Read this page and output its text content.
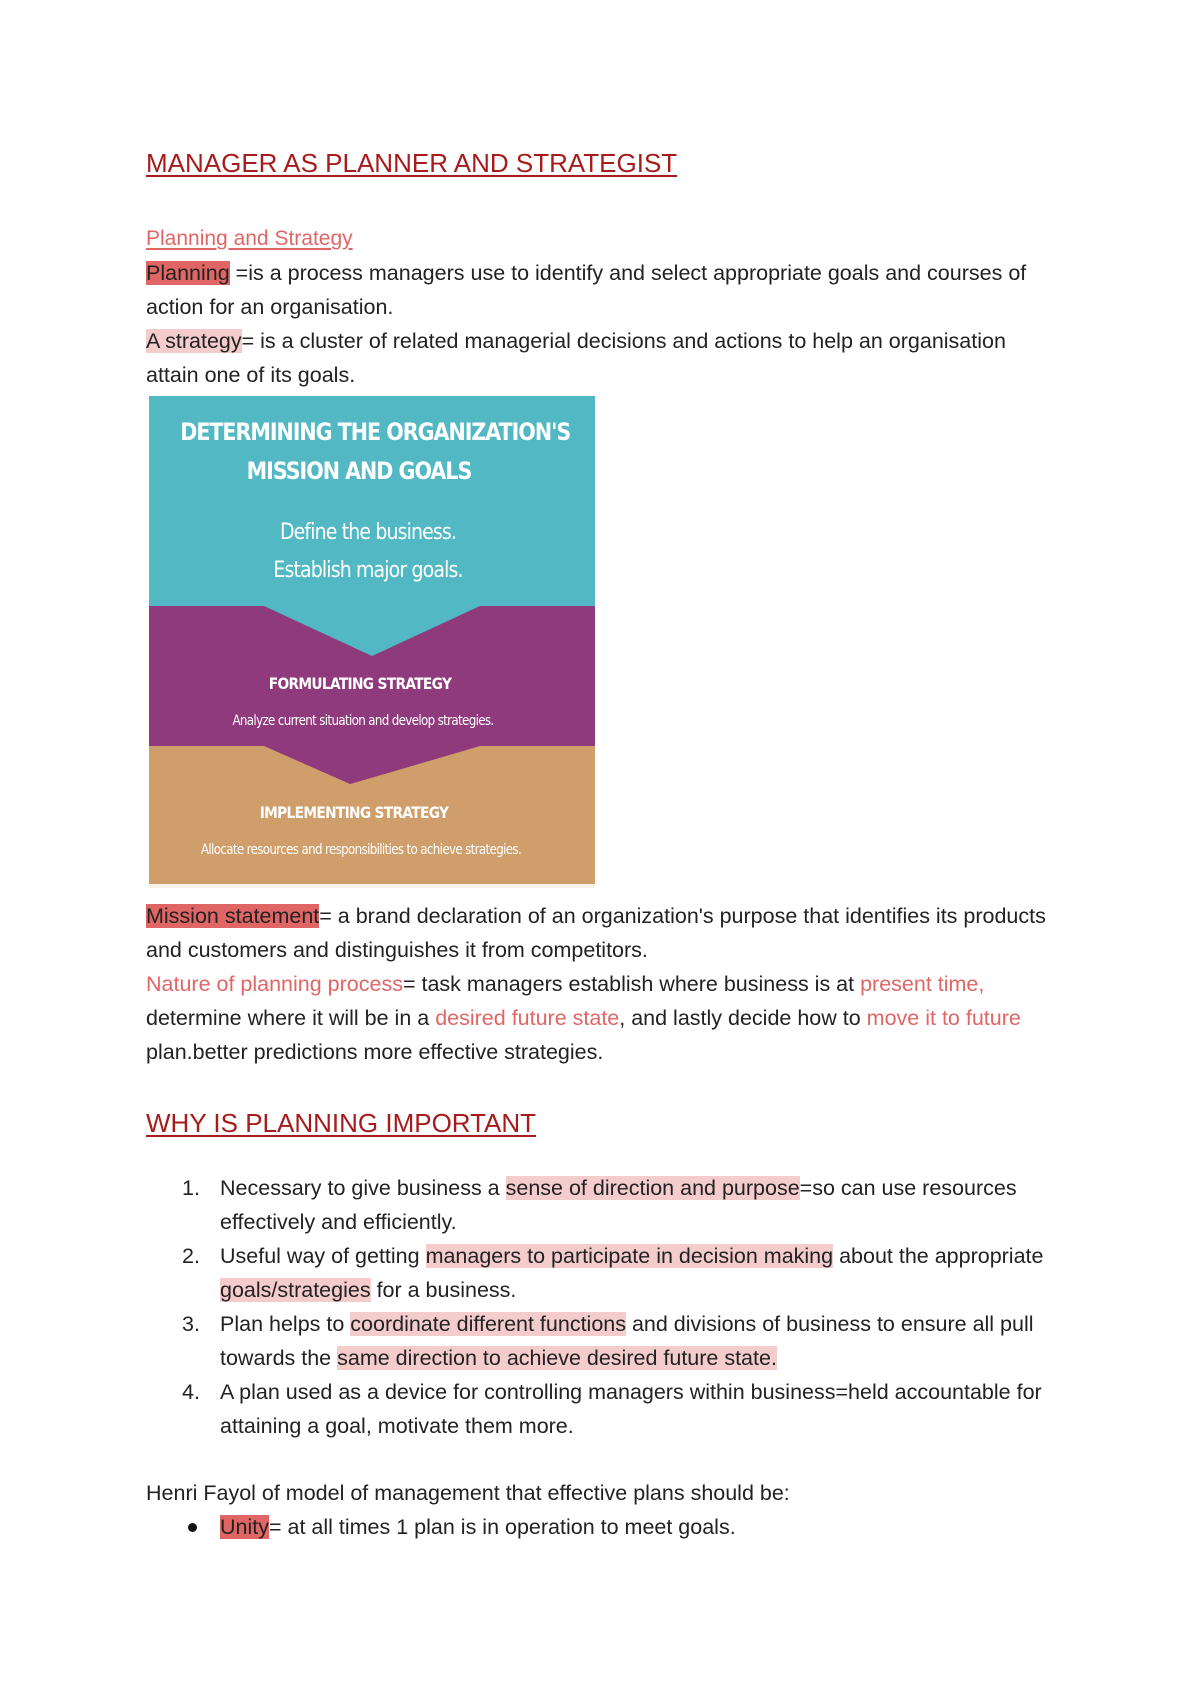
MANAGER AS PLANNER AND STRATEGIST
Planning and Strategy
Planning =is a process managers use to identify and select appropriate goals and courses of action for an organisation.
A strategy= is a cluster of related managerial decisions and actions to help an organisation attain one of its goals.
DETERMINING THE ORGANIZATION'S
MISSION AND GOALS
Define the business.
Establish major goals.
FORMULATING STRATEGY
Analyze current situation and develop strategies.
IMPLEMENTING STRATEGY
Allocate resources and responsibilities to achieve strategies.
Mission statement= a brand declaration of an organization's purpose that identifies its products and customers and distinguishes it from competitors.
Nature of planning process= task managers establish where business is at present time, determine where it will be in a desired future state, and lastly decide how to move it to future plan.better predictions more effective strategies.
WHY IS PLANNING IMPORTANT
1. Necessary to give business a sense of direction and purpose=so can use resources effectively and efficiently.
2. Useful way of getting managers to participate in decision making about the appropriate goals/strategies for a business.
3. Plan helps to coordinate different functions and divisions of business to ensure all pull towards the same direction to achieve desired future state.
4. A plan used as a device for controlling managers within business=held accountable for attaining a goal, motivate them more.
Henri Fayol of model of management that effective plans should be:
Unity= at all times 1 plan is in operation to meet goals.
